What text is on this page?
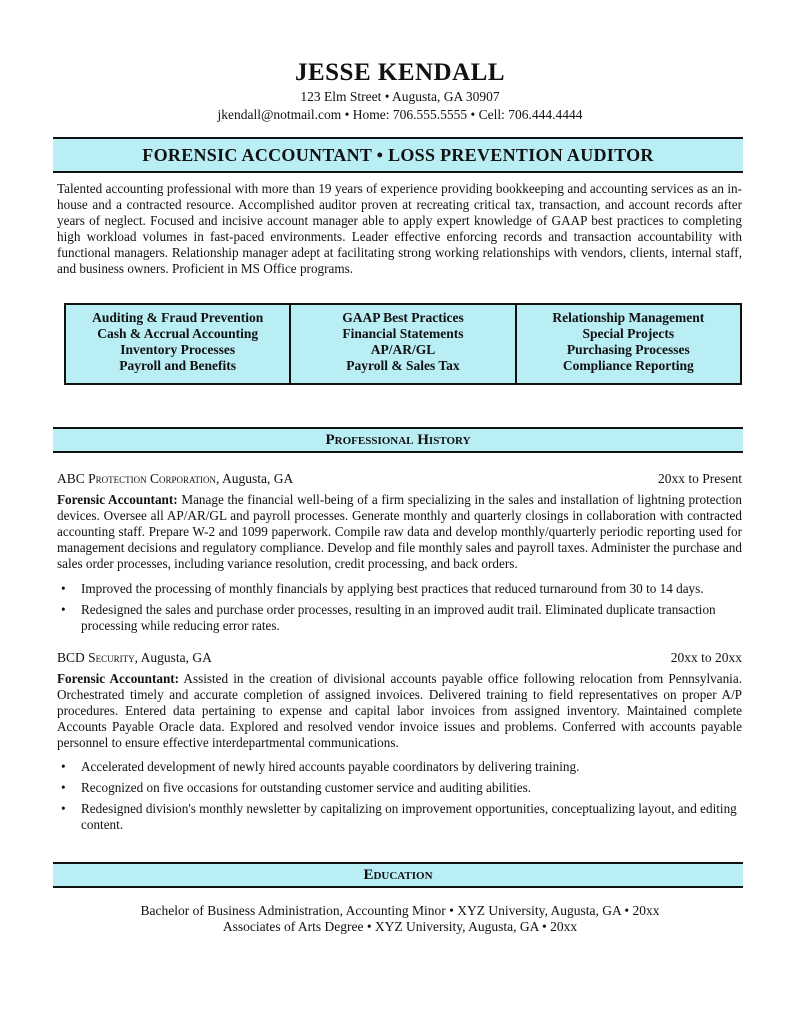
JESSE KENDALL
123 Elm Street • Augusta, GA 30907
jkendall@notmail.com • Home: 706.555.5555 • Cell: 706.444.4444
FORENSIC ACCOUNTANT • LOSS PREVENTION AUDITOR
Talented accounting professional with more than 19 years of experience providing bookkeeping and accounting services as an in-house and a contracted resource. Accomplished auditor proven at recreating critical tax, transaction, and account records after years of neglect. Focused and incisive account manager able to apply expert knowledge of GAAP best practices to completing high workload volumes in fast-paced environments. Leader effective enforcing records and transaction accountability with functional managers. Relationship manager adept at facilitating strong working relationships with vendors, clients, internal staff, and business owners. Proficient in MS Office programs.
Auditing & Fraud Prevention
Cash & Accrual Accounting
Inventory Processes
Payroll and Benefits
GAAP Best Practices
Financial Statements
AP/AR/GL
Payroll & Sales Tax
Relationship Management
Special Projects
Purchasing Processes
Compliance Reporting
Professional History
ABC Protection Corporation, Augusta, GA	20xx to Present
Forensic Accountant: Manage the financial well-being of a firm specializing in the sales and installation of lightning protection devices. Oversee all AP/AR/GL and payroll processes. Generate monthly and quarterly closings in collaboration with contracted accounting staff. Prepare W-2 and 1099 paperwork. Compile raw data and develop monthly/quarterly periodic reporting used for management decisions and regulatory compliance. Develop and file monthly sales and payroll taxes. Administer the purchase and sales order processes, including variance resolution, credit processing, and back orders.
• Improved the processing of monthly financials by applying best practices that reduced turnaround from 30 to 14 days.
• Redesigned the sales and purchase order processes, resulting in an improved audit trail. Eliminated duplicate transaction processing while reducing error rates.
BCD Security, Augusta, GA	20xx to 20xx
Forensic Accountant: Assisted in the creation of divisional accounts payable office following relocation from Pennsylvania. Orchestrated timely and accurate completion of assigned invoices. Delivered training to field representatives on proper A/P procedures. Entered data pertaining to expense and capital labor invoices from assigned inventory. Maintained complete Accounts Payable Oracle data. Explored and resolved vendor invoice issues and problems. Conferred with accounts payable personnel to ensure effective interdepartmental communications.
• Accelerated development of newly hired accounts payable coordinators by delivering training.
• Recognized on five occasions for outstanding customer service and auditing abilities.
• Redesigned division's monthly newsletter by capitalizing on improvement opportunities, conceptualizing layout, and editing content.
Education
Bachelor of Business Administration, Accounting Minor • XYZ University, Augusta, GA • 20xx
Associates of Arts Degree • XYZ University, Augusta, GA • 20xx
